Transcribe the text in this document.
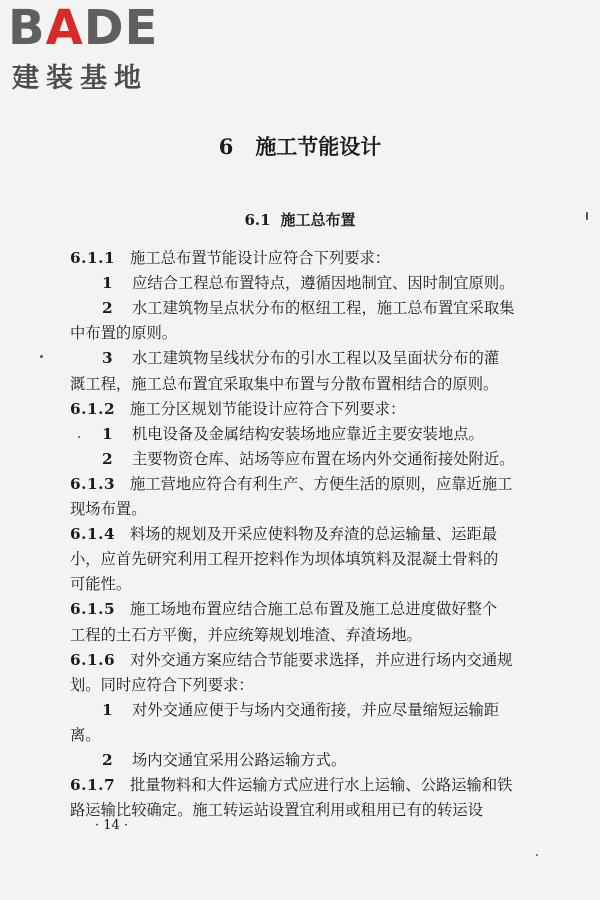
BADE
建装基地
6 施工节能设计
6.1 施工总布置
6.1.1 施工总布置节能设计应符合下列要求：
1 应结合工程总布置特点，遵循因地制宜、因时制宜原则。
2 水工建筑物呈点状分布的枢纽工程，施工总布置宜采取集
中布置的原则。
3 水工建筑物呈线状分布的引水工程以及呈面状分布的灌
溉工程，施工总布置宜采取集中布置与分散布置相结合的原则。
6.1.2 施工分区规划节能设计应符合下列要求：
1 机电设备及金属结构安装场地应靠近主要安装地点。
2 主要物资仓库、站场等应布置在场内外交通衔接处附近。
6.1.3 施工营地应符合有利生产、方便生活的原则，应靠近施工
现场布置。
6.1.4 料场的规划及开采应使料物及弃渣的总运输量、运距最
小，应首先研究利用工程开挖料作为坝体填筑料及混凝土骨料的
可能性。
6.1.5 施工场地布置应结合施工总布置及施工总进度做好整个
工程的土石方平衡，并应统筹规划堆渣、弃渣场地。
6.1.6 对外交通方案应结合节能要求选择，并应进行场内交通规
划。同时应符合下列要求：
1 对外交通应便于与场内交通衔接，并应尽量缩短运输距
离。
2 场内交通宜采用公路运输方式。
6.1.7 批量物料和大件运输方式应进行水上运输、公路运输和铁
路运输比较确定。施工转运站设置宜利用或租用已有的转运设
· 14 ·
